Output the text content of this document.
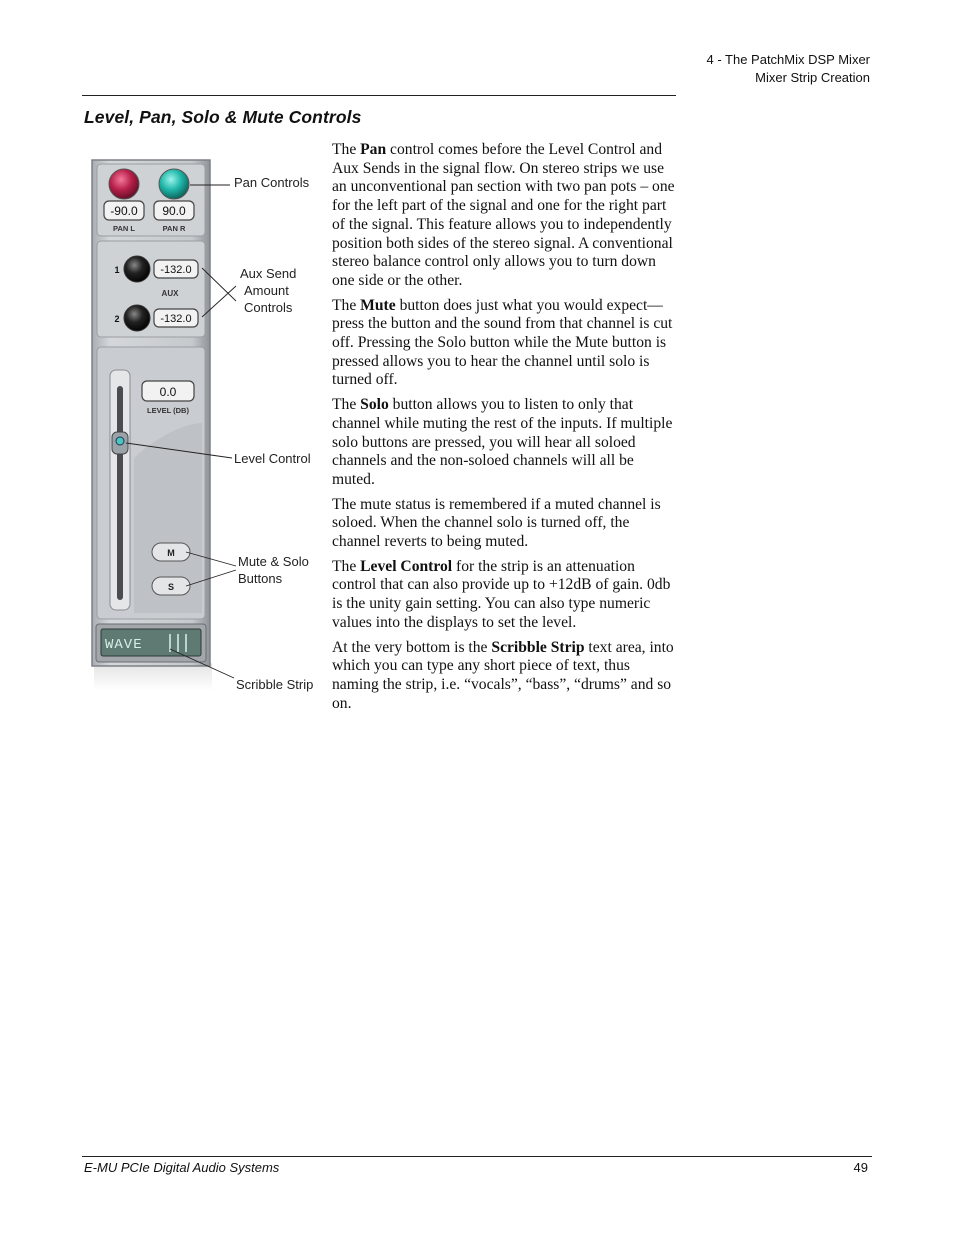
4 - The PatchMix DSP Mixer
Mixer Strip Creation
Level, Pan, Solo & Mute Controls
-90.0 90.0
PAN L	PAN R
1
2
-132.0
-132.0
AUX
0.0
LEVEL (DB)
M
S
WAVE
Pan Controls
Aux Send
Amount
Controls
Level Control
Mute & Solo
Buttons
Scribble Strip

The Pan control comes before the Level Control and Aux Sends in the signal flow. On stereo strips we use an unconventional pan section with two pan pots – one for the left part of the signal and one for the right part of the signal. This feature allows you to independently position both sides of the stereo signal. A conventional stereo balance control only allows you to turn down one side or the other.

The Mute button does just what you would expect—press the button and the sound from that channel is cut off. Pressing the Solo button while the Mute button is pressed allows you to hear the channel until solo is turned off.

The Solo button allows you to listen to only that channel while muting the rest of the inputs. If multiple solo buttons are pressed, you will hear all soloed channels and the non-soloed channels will all be muted.

The mute status is remembered if a muted channel is soloed. When the channel solo is turned off, the channel reverts to being muted.

The Level Control for the strip is an attenuation control that can also provide up to +12dB of gain. 0db is the unity gain setting. You can also type numeric values into the displays to set the level.

At the very bottom is the Scribble Strip text area, into which you can type any short piece of text, thus naming the strip, i.e. “vocals”, “bass”, “drums” and so on.

E-MU PCIe Digital Audio Systems	49
